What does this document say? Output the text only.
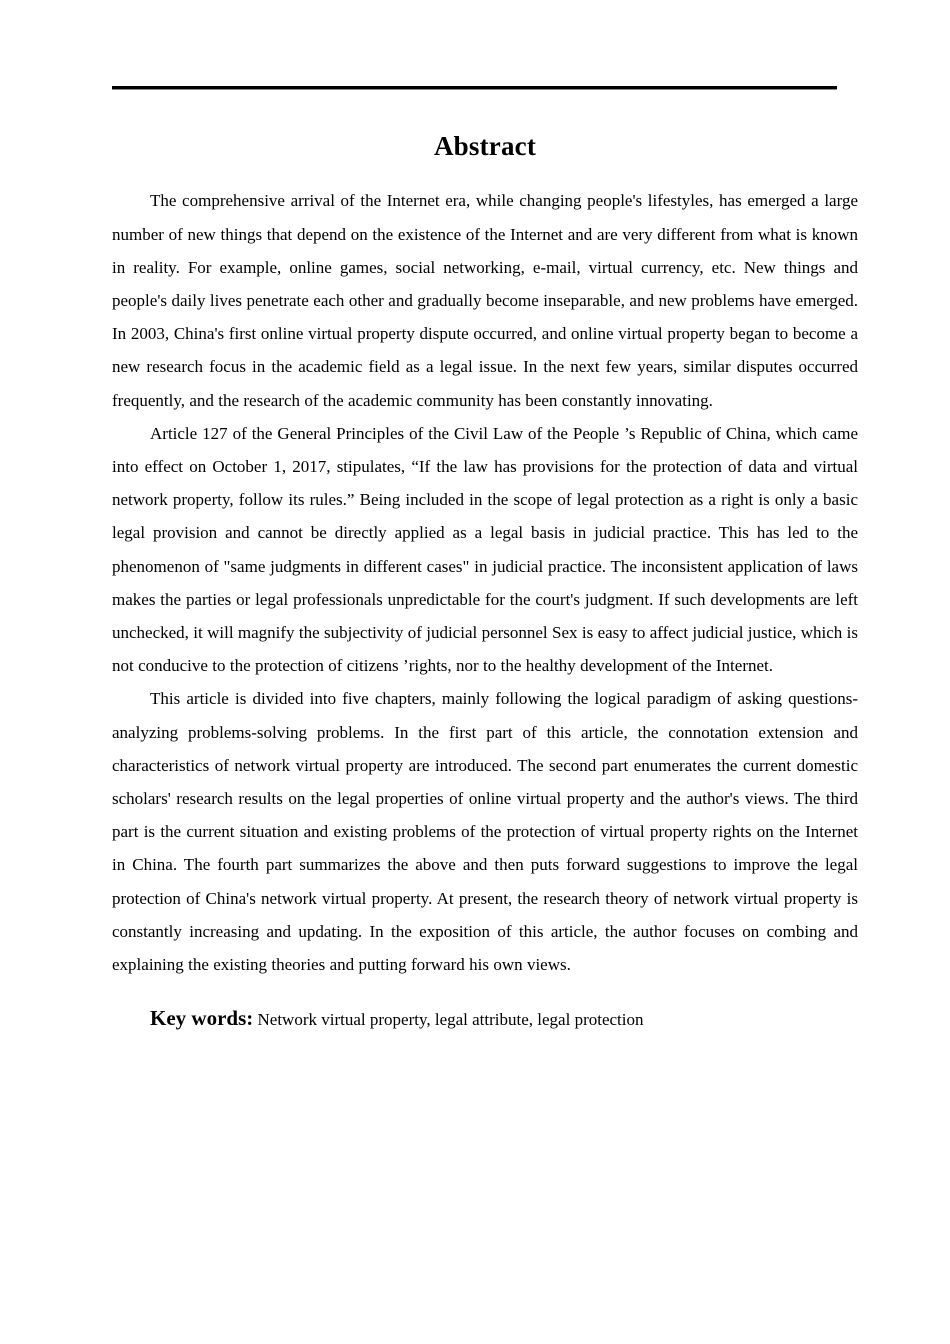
Abstract

The comprehensive arrival of the Internet era, while changing people's lifestyles, has emerged a large number of new things that depend on the existence of the Internet and are very different from what is known in reality. For example, online games, social networking, e-mail, virtual currency, etc. New things and people's daily lives penetrate each other and gradually become inseparable, and new problems have emerged. In 2003, China's first online virtual property dispute occurred, and online virtual property began to become a new research focus in the academic field as a legal issue. In the next few years, similar disputes occurred frequently, and the research of the academic community has been constantly innovating.

Article 127 of the General Principles of the Civil Law of the People ’s Republic of China, which came into effect on October 1, 2017, stipulates, “If the law has provisions for the protection of data and virtual network property, follow its rules.” Being included in the scope of legal protection as a right is only a basic legal provision and cannot be directly applied as a legal basis in judicial practice. This has led to the phenomenon of "same judgments in different cases" in judicial practice. The inconsistent application of laws makes the parties or legal professionals unpredictable for the court's judgment. If such developments are left unchecked, it will magnify the subjectivity of judicial personnel Sex is easy to affect judicial justice, which is not conducive to the protection of citizens ’rights, nor to the healthy development of the Internet.

This article is divided into five chapters, mainly following the logical paradigm of asking questions-analyzing problems-solving problems. In the first part of this article, the connotation extension and characteristics of network virtual property are introduced. The second part enumerates the current domestic scholars' research results on the legal properties of online virtual property and the author's views. The third part is the current situation and existing problems of the protection of virtual property rights on the Internet in China. The fourth part summarizes the above and then puts forward suggestions to improve the legal protection of China's network virtual property. At present, the research theory of network virtual property is constantly increasing and updating. In the exposition of this article, the author focuses on combing and explaining the existing theories and putting forward his own views.

Key words: Network virtual property, legal attribute, legal protection
